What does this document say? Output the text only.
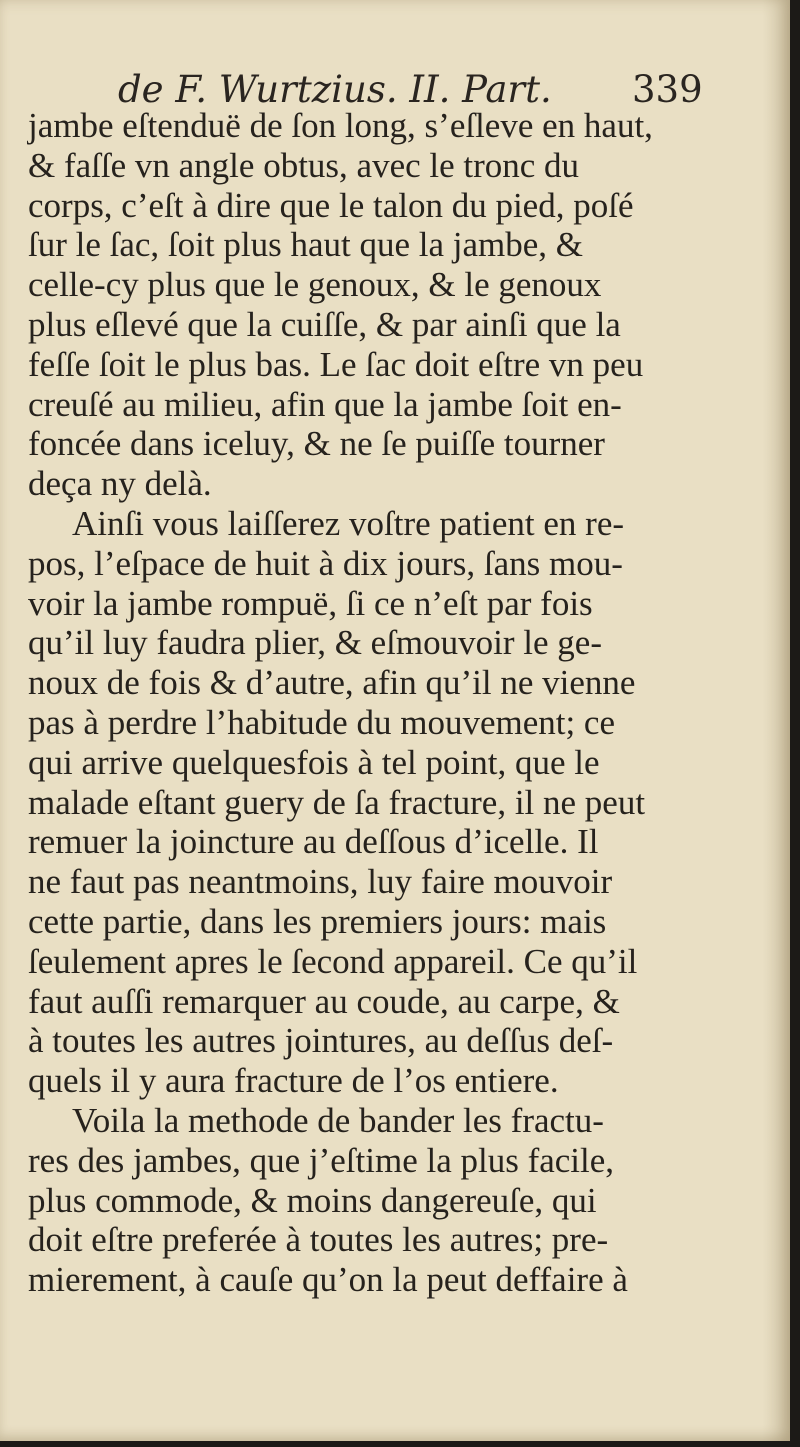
de F. Wurtzius. II. Part. 339
jambe eſtenduë de ſon long, s’eſleve en haut,
& faſſe vn angle obtus, avec le tronc du
corps, c’eſt à dire que le talon du pied, poſé
ſur le ſac, ſoit plus haut que la jambe, &
celle-cy plus que le genoux, & le genoux
plus eſlevé que la cuiſſe, & par ainſi que la
feſſe ſoit le plus bas. Le ſac doit eſtre vn peu
creuſé au milieu, afin que la jambe ſoit en-
foncée dans iceluy, & ne ſe puiſſe tourner
deça ny delà.
Ainſi vous laiſſerez voſtre patient en re-
pos, l’eſpace de huit à dix jours, ſans mou-
voir la jambe rompuë, ſi ce n’eſt par fois
qu’il luy faudra plier, & eſmouvoir le ge-
noux de fois & d’autre, afin qu’il ne vienne
pas à perdre l’habitude du mouvement; ce
qui arrive quelquesfois à tel point, que le
malade eſtant guery de ſa fracture, il ne peut
remuer la joincture au deſſous d’icelle. Il
ne faut pas neantmoins, luy faire mouvoir
cette partie, dans les premiers jours: mais
ſeulement apres le ſecond appareil. Ce qu’il
faut auſſi remarquer au coude, au carpe, &
à toutes les autres jointures, au deſſus deſ-
quels il y aura fracture de l’os entiere.
Voila la methode de bander les fractu-
res des jambes, que j’eſtime la plus facile,
plus commode, & moins dangereuſe, qui
doit eſtre preferée à toutes les autres; pre-
mierement, à cauſe qu’on la peut deffaire à
